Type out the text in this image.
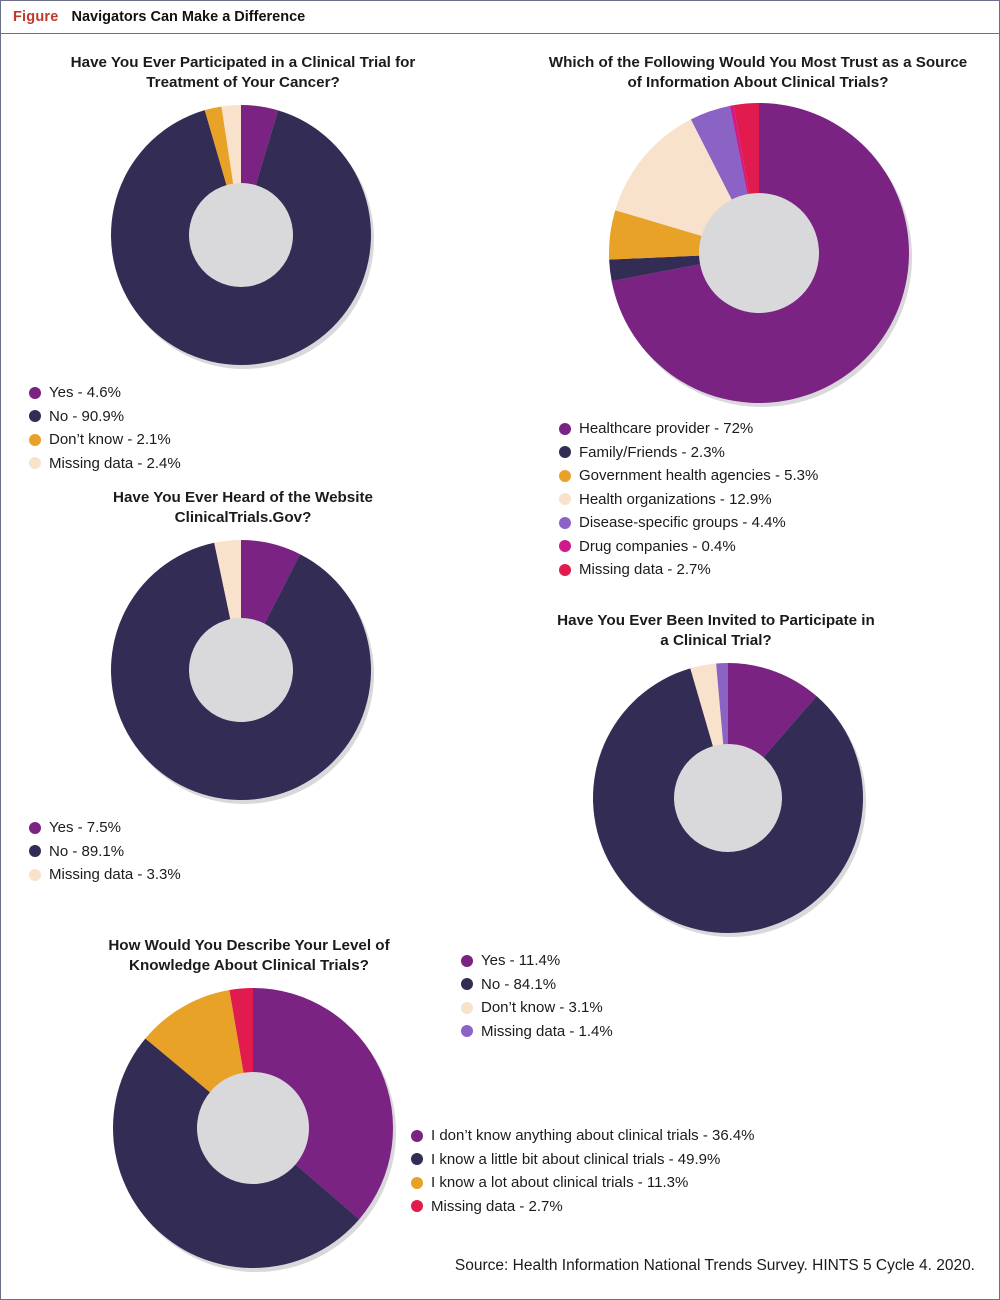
Figure Navigators Can Make a Difference
Have You Ever Participated in a Clinical Trial for Treatment of Your Cancer?
Yes - 4.6%
No - 90.9%
Don’t know - 2.1%
Missing data - 2.4%
Which of the Following Would You Most Trust as a Source of Information About Clinical Trials?
Healthcare provider - 72%
Family/Friends - 2.3%
Government health agencies - 5.3%
Health organizations - 12.9%
Disease-specific groups - 4.4%
Drug companies - 0.4%
Missing data - 2.7%
Have You Ever Heard of the Website ClinicalTrials.Gov?
Yes - 7.5%
No - 89.1%
Missing data - 3.3%
Have You Ever Been Invited to Participate in a Clinical Trial?
Yes - 11.4%
No - 84.1%
Don’t know - 3.1%
Missing data - 1.4%
How Would You Describe Your Level of Knowledge About Clinical Trials?
I don’t know anything about clinical trials - 36.4%
I know a little bit about clinical trials - 49.9%
I know a lot about clinical trials - 11.3%
Missing data - 2.7%
Source: Health Information National Trends Survey. HINTS 5 Cycle 4. 2020.
